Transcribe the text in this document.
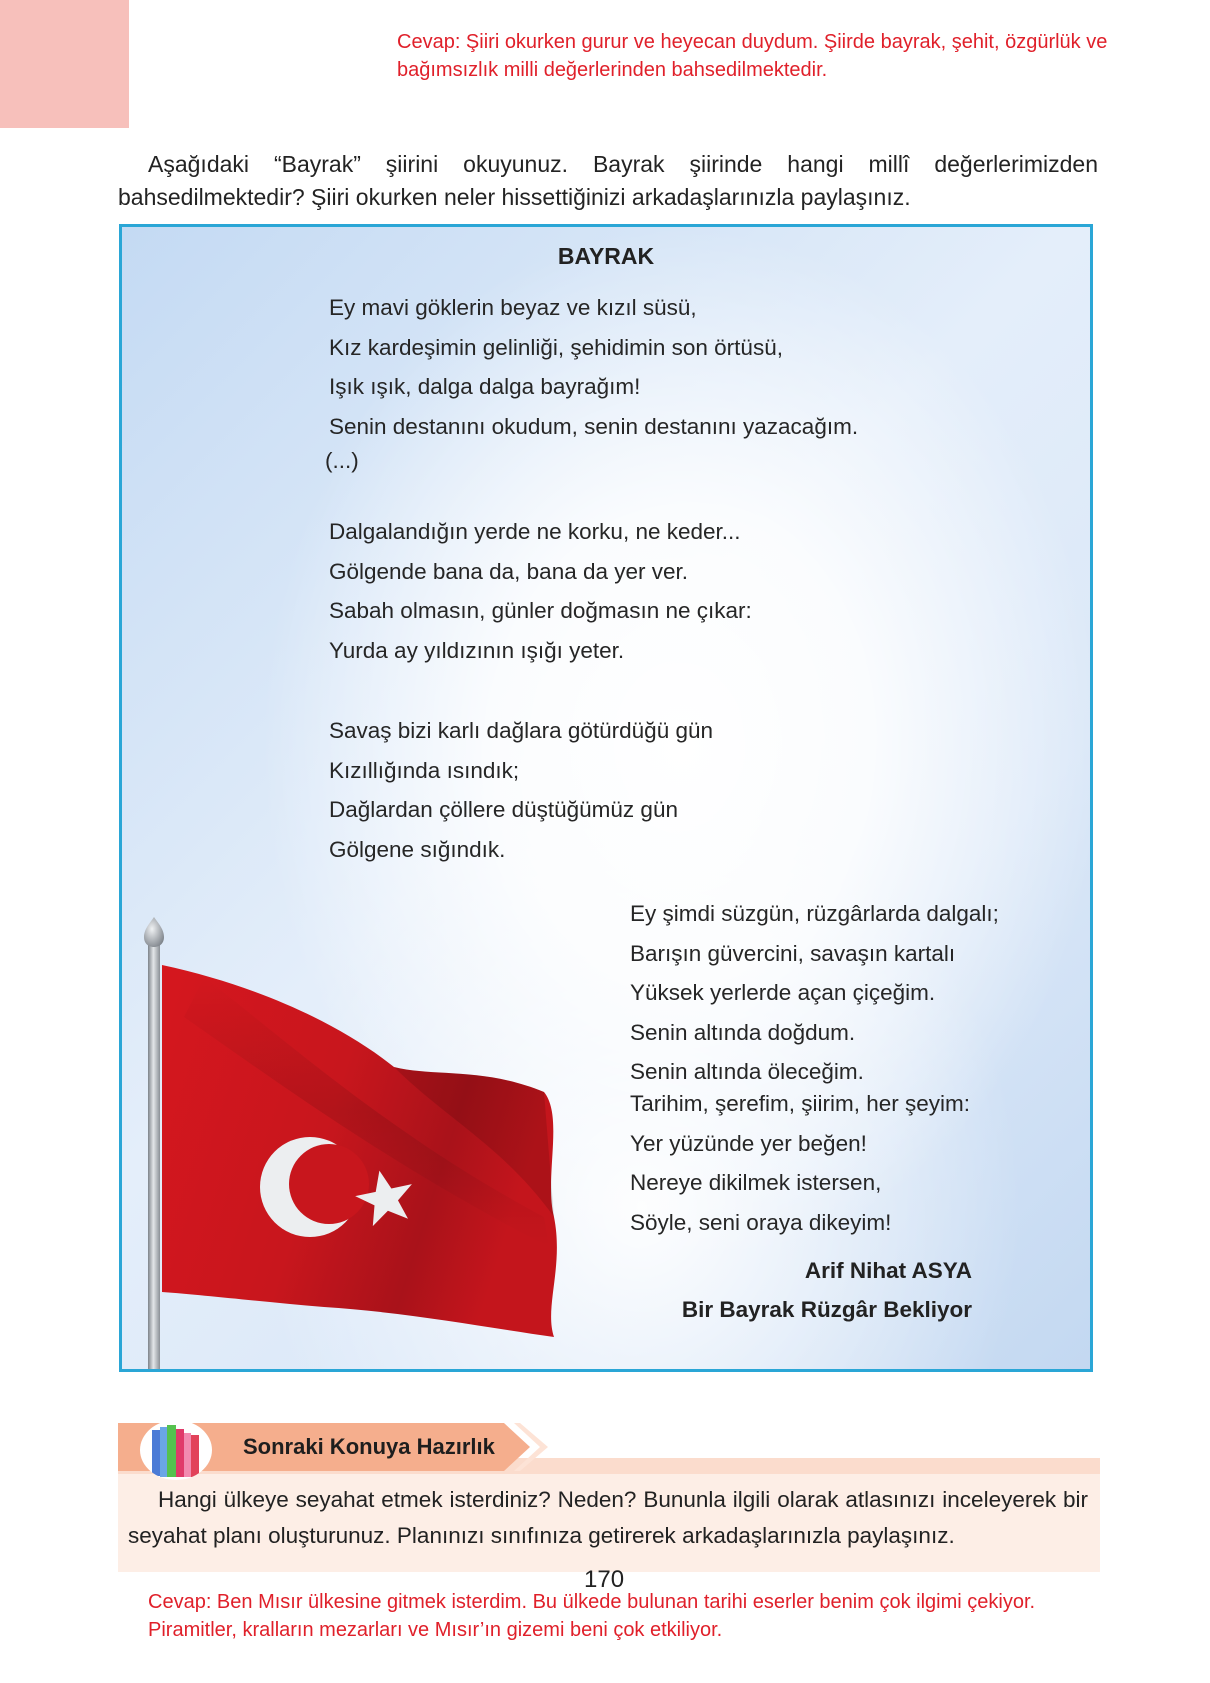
Cevap: Şiiri okurken gurur ve heyecan duydum. Şiirde bayrak, şehit, özgürlük ve bağımsızlık milli değerlerinden bahsedilmektedir.
Aşağıdaki “Bayrak” şiirini okuyunuz. Bayrak şiirinde hangi millî değerlerimizden bahsedilmektedir? Şiiri okurken neler hissettiğinizi arkadaşlarınızla paylaşınız.
BAYRAK
Ey mavi göklerin beyaz ve kızıl süsü,
Kız kardeşimin gelinliği, şehidimin son örtüsü,
Işık ışık, dalga dalga bayrağım!
Senin destanını okudum, senin destanını yazacağım.
(...)
Dalgalandığın yerde ne korku, ne keder...
Gölgende bana da, bana da yer ver.
Sabah olmasın, günler doğmasın ne çıkar:
Yurda ay yıldızının ışığı yeter.
Savaş bizi karlı dağlara götürdüğü gün
Kızıllığında ısındık;
Dağlardan çöllere düştüğümüz gün
Gölgene sığındık.
Ey şimdi süzgün, rüzgârlarda dalgalı;
Barışın güvercini, savaşın kartalı
Yüksek yerlerde açan çiçeğim.
Senin altında doğdum.
Senin altında öleceğim.
Tarihim, şerefim, şiirim, her şeyim:
Yer yüzünde yer beğen!
Nereye dikilmek istersen,
Söyle, seni oraya dikeyim!
Arif Nihat ASYA
Bir Bayrak Rüzgâr Bekliyor
Sonraki Konuya Hazırlık
Hangi ülkeye seyahat etmek isterdiniz? Neden? Bununla ilgili olarak atlasınızı inceleyerek bir seyahat planı oluşturunuz. Planınızı sınıfınıza getirerek arkadaşlarınızla paylaşınız.
170
Cevap: Ben Mısır ülkesine gitmek isterdim. Bu ülkede bulunan tarihi eserler benim çok ilgimi çekiyor. Piramitler, kralların mezarları ve Mısır’ın gizemi beni çok etkiliyor.
